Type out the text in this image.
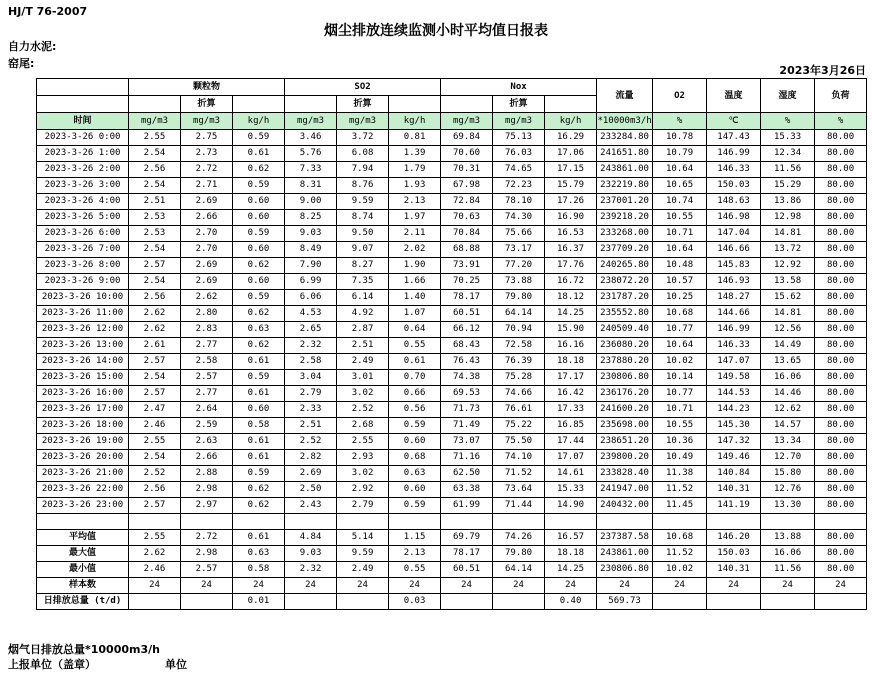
HJ/T 76-2007
烟尘排放连续监测小时平均值日报表
自力水泥:
窑尾:
2023年3月26日
	颗粒物			SO2			Nox			流量	O2	温度	湿度	负荷
		折算			折算			折算						
时间	mg/m3	mg/m3	kg/h	mg/m3	mg/m3	kg/h	mg/m3	mg/m3	kg/h	*10000m3/h	%	℃	%	%
2023-3-26 0:00	2.55	2.75	0.59	3.46	3.72	0.81	69.84	75.13	16.29	233284.80	10.78	147.43	15.33	80.00
2023-3-26 1:00	2.54	2.73	0.61	5.76	6.08	1.39	70.60	76.03	17.06	241651.80	10.79	146.99	12.34	80.00
2023-3-26 2:00	2.56	2.72	0.62	7.33	7.94	1.79	70.31	74.65	17.15	243861.00	10.64	146.33	11.56	80.00
2023-3-26 3:00	2.54	2.71	0.59	8.31	8.76	1.93	67.98	72.23	15.79	232219.80	10.65	150.03	15.29	80.00
2023-3-26 4:00	2.51	2.69	0.60	9.00	9.59	2.13	72.84	78.10	17.26	237001.20	10.74	148.63	13.86	80.00
2023-3-26 5:00	2.53	2.66	0.60	8.25	8.74	1.97	70.63	74.30	16.90	239218.20	10.55	146.98	12.98	80.00
2023-3-26 6:00	2.53	2.70	0.59	9.03	9.50	2.11	70.84	75.66	16.53	233268.00	10.71	147.04	14.81	80.00
2023-3-26 7:00	2.54	2.70	0.60	8.49	9.07	2.02	68.88	73.17	16.37	237709.20	10.64	146.66	13.72	80.00
2023-3-26 8:00	2.57	2.69	0.62	7.90	8.27	1.90	73.91	77.20	17.76	240265.80	10.48	145.83	12.92	80.00
2023-3-26 9:00	2.54	2.69	0.60	6.99	7.35	1.66	70.25	73.88	16.72	238072.20	10.57	146.93	13.58	80.00
2023-3-26 10:00	2.56	2.62	0.59	6.06	6.14	1.40	78.17	79.80	18.12	231787.20	10.25	148.27	15.62	80.00
2023-3-26 11:00	2.62	2.80	0.62	4.53	4.92	1.07	60.51	64.14	14.25	235552.80	10.68	144.66	14.81	80.00
2023-3-26 12:00	2.62	2.83	0.63	2.65	2.87	0.64	66.12	70.94	15.90	240509.40	10.77	146.99	12.56	80.00
2023-3-26 13:00	2.61	2.77	0.62	2.32	2.51	0.55	68.43	72.58	16.16	236080.20	10.64	146.33	14.49	80.00
2023-3-26 14:00	2.57	2.58	0.61	2.58	2.49	0.61	76.43	76.39	18.18	237880.20	10.02	147.07	13.65	80.00
2023-3-26 15:00	2.54	2.57	0.59	3.04	3.01	0.70	74.38	75.28	17.17	230806.80	10.14	149.58	16.06	80.00
2023-3-26 16:00	2.57	2.77	0.61	2.79	3.02	0.66	69.53	74.66	16.42	236176.20	10.77	144.53	14.46	80.00
2023-3-26 17:00	2.47	2.64	0.60	2.33	2.52	0.56	71.73	76.61	17.33	241600.20	10.71	144.23	12.62	80.00
2023-3-26 18:00	2.46	2.59	0.58	2.51	2.68	0.59	71.49	75.22	16.85	235698.00	10.55	145.30	14.57	80.00
2023-3-26 19:00	2.55	2.63	0.61	2.52	2.55	0.60	73.07	75.50	17.44	238651.20	10.36	147.32	13.34	80.00
2023-3-26 20:00	2.54	2.66	0.61	2.82	2.93	0.68	71.16	74.10	17.07	239800.20	10.49	149.46	12.70	80.00
2023-3-26 21:00	2.52	2.88	0.59	2.69	3.02	0.63	62.50	71.52	14.61	233828.40	11.38	140.84	15.80	80.00
2023-3-26 22:00	2.56	2.98	0.62	2.50	2.92	0.60	63.38	73.64	15.33	241947.00	11.52	140.31	12.76	80.00
2023-3-26 23:00	2.57	2.97	0.62	2.43	2.79	0.59	61.99	71.44	14.90	240432.00	11.45	141.19	13.30	80.00

平均值	2.55	2.72	0.61	4.84	5.14	1.15	69.79	74.26	16.57	237387.58	10.68	146.20	13.88	80.00
最大值	2.62	2.98	0.63	9.03	9.59	2.13	78.17	79.80	18.18	243861.00	11.52	150.03	16.06	80.00
最小值	2.46	2.57	0.58	2.32	2.49	0.55	60.51	64.14	14.25	230806.80	10.02	140.31	11.56	80.00
样本数	24	24	24	24	24	24	24	24	24	24	24	24	24	24
日排放总量 (t/d)			0.01			0.03			0.40	569.73				
烟气日排放总量*10000m3/h
上报单位（盖章）	单位
